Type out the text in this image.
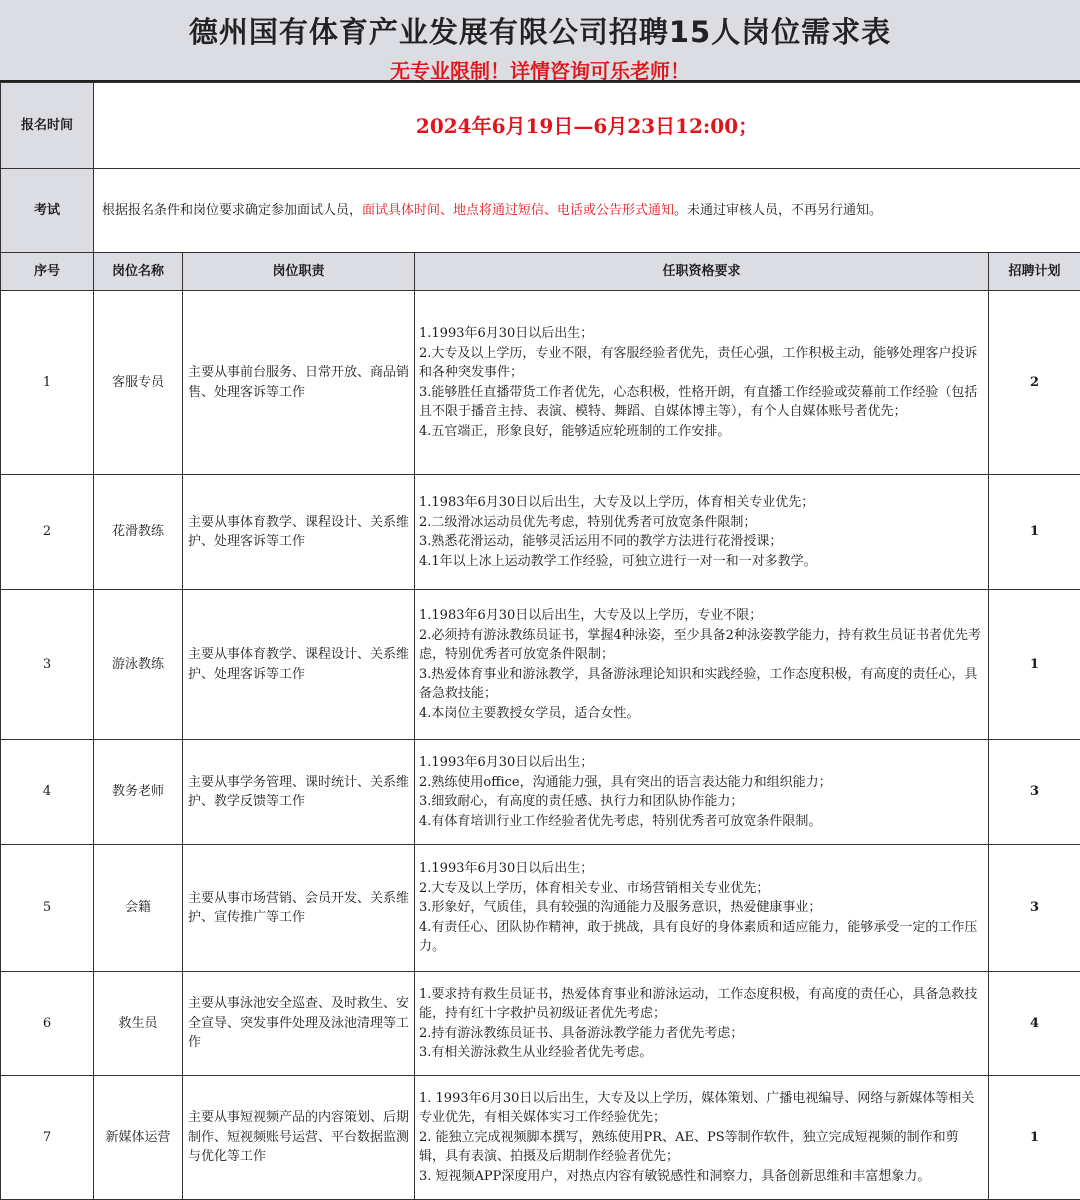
德州国有体育产业发展有限公司招聘15人岗位需求表
无专业限制！详情咨询可乐老师！
报名时间	2024年6月19日—6月23日12:00；			
考试	根据报名条件和岗位要求确定参加面试人员，面试具体时间、地点将通过短信、电话或公告形式通知。未通过审核人员，不再另行通知。			
序号	岗位名称	岗位职责	任职资格要求	招聘计划
1	客服专员	主要从事前台服务、日常开放、商品销售、处理客诉等工作	1.1993年6月30日以后出生；
2.大专及以上学历，专业不限，有客服经验者优先，责任心强，工作积极主动，能够处理客户投诉和各种突发事件；
3.能够胜任直播带货工作者优先，心态积极，性格开朗，有直播工作经验或荧幕前工作经验（包括且不限于播音主持、表演、模特、舞蹈、自媒体博主等），有个人自媒体账号者优先；
4.五官端正，形象良好，能够适应轮班制的工作安排。	2
2	花滑教练	主要从事体育教学、课程设计、关系维护、处理客诉等工作	1.1983年6月30日以后出生，大专及以上学历，体育相关专业优先；
2.二级滑冰运动员优先考虑，特别优秀者可放宽条件限制；
3.熟悉花滑运动，能够灵活运用不同的教学方法进行花滑授课；
4.1年以上冰上运动教学工作经验，可独立进行一对一和一对多教学。	1
3	游泳教练	主要从事体育教学、课程设计、关系维护、处理客诉等工作	1.1983年6月30日以后出生，大专及以上学历，专业不限；
2.必须持有游泳教练员证书，掌握4种泳姿，至少具备2种泳姿教学能力，持有救生员证书者优先考虑，特别优秀者可放宽条件限制；
3.热爱体育事业和游泳教学，具备游泳理论知识和实践经验，工作态度积极，有高度的责任心，具备急救技能；
4.本岗位主要教授女学员，适合女性。	1
4	教务老师	主要从事学务管理、课时统计、关系维护、教学反馈等工作	1.1993年6月30日以后出生；
2.熟练使用office，沟通能力强，具有突出的语言表达能力和组织能力；
3.细致耐心，有高度的责任感、执行力和团队协作能力；
4.有体育培训行业工作经验者优先考虑，特别优秀者可放宽条件限制。	3
5	会籍	主要从事市场营销、会员开发、关系维护、宣传推广等工作	1.1993年6月30日以后出生；
2.大专及以上学历，体育相关专业、市场营销相关专业优先；
3.形象好，气质佳，具有较强的沟通能力及服务意识，热爱健康事业；
4.有责任心、团队协作精神，敢于挑战，具有良好的身体素质和适应能力，能够承受一定的工作压力。	3
6	救生员	主要从事泳池安全巡查、及时救生、安全宣导、突发事件处理及泳池清理等工作	1.要求持有救生员证书，热爱体育事业和游泳运动，工作态度积极，有高度的责任心，具备急救技能，持有红十字救护员初级证者优先考虑；
2.持有游泳教练员证书、具备游泳教学能力者优先考虑；
3.有相关游泳救生从业经验者优先考虑。	4
7	新媒体运营	主要从事短视频产品的内容策划、后期制作、短视频账号运营、平台数据监测与优化等工作	1. 1993年6月30日以后出生，大专及以上学历，媒体策划、广播电视编导、网络与新媒体等相关专业优先，有相关媒体实习工作经验优先；
2. 能独立完成视频脚本撰写，熟练使用PR、AE、PS等制作软件，独立完成短视频的制作和剪辑，具有表演、拍摄及后期制作经验者优先；
3. 短视频APP深度用户，对热点内容有敏锐感性和洞察力，具备创新思维和丰富想象力。	1
